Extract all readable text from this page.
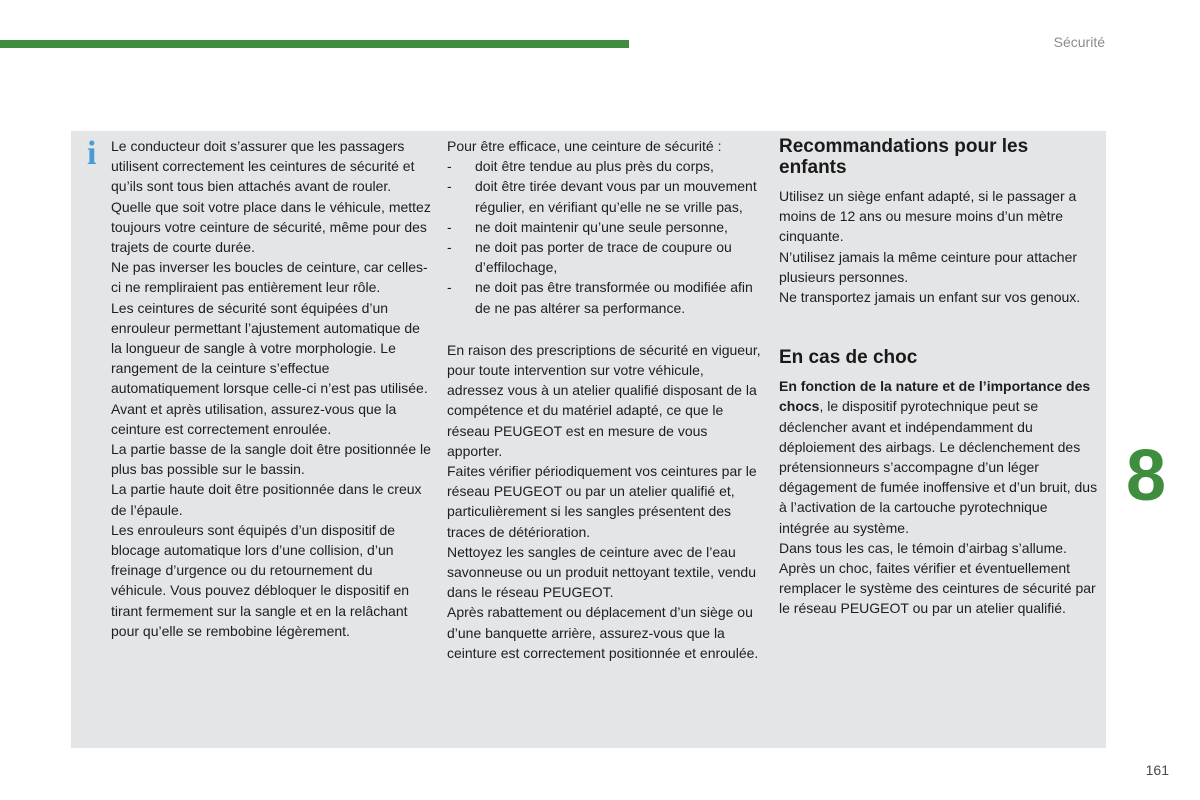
Sécurité
i Le conducteur doit s’assurer que les passagers utilisent correctement les ceintures de sécurité et qu’ils sont tous bien attachés avant de rouler.

Quelle que soit votre place dans le véhicule, mettez toujours votre ceinture de sécurité, même pour des trajets de courte durée.

Ne pas inverser les boucles de ceinture, car celles-ci ne rempliraient pas entièrement leur rôle.

Les ceintures de sécurité sont équipées d’un enrouleur permettant l’ajustement automatique de la longueur de sangle à votre morphologie. Le rangement de la ceinture s’effectue automatiquement lorsque celle-ci n’est pas utilisée.

Avant et après utilisation, assurez-vous que la ceinture est correctement enroulée.

La partie basse de la sangle doit être positionnée le plus bas possible sur le bassin.

La partie haute doit être positionnée dans le creux de l’épaule.

Les enrouleurs sont équipés d’un dispositif de blocage automatique lors d’une collision, d’un freinage d’urgence ou du retournement du véhicule. Vous pouvez débloquer le dispositif en tirant fermement sur la sangle et en la relâchant pour qu’elle se rembobine légèrement.

Pour être efficace, une ceinture de sécurité :

- doit être tendue au plus près du corps,
- doit être tirée devant vous par un mouvement régulier, en vérifiant qu’elle ne se vrille pas,
- ne doit maintenir qu’une seule personne,
- ne doit pas porter de trace de coupure ou d’effilochage,
- ne doit pas être transformée ou modifiée afin de ne pas altérer sa performance.

En raison des prescriptions de sécurité en vigueur, pour toute intervention sur votre véhicule, adressez vous à un atelier qualifié disposant de la compétence et du matériel adapté, ce que le réseau PEUGEOT est en mesure de vous apporter.

Faites vérifier périodiquement vos ceintures par le réseau PEUGEOT ou par un atelier qualifié et, particulièrement si les sangles présentent des traces de détérioration.

Nettoyez les sangles de ceinture avec de l’eau savonneuse ou un produit nettoyant textile, vendu dans le réseau PEUGEOT.

Après rabattement ou déplacement d’un siège ou d’une banquette arrière, assurez-vous que la ceinture est correctement positionnée et enroulée.

Recommandations pour les enfants

Utilisez un siège enfant adapté, si le passager a moins de 12 ans ou mesure moins d’un mètre cinquante.

N’utilisez jamais la même ceinture pour attacher plusieurs personnes.

Ne transportez jamais un enfant sur vos genoux.

En cas de choc

En fonction de la nature et de l’importance des chocs, le dispositif pyrotechnique peut se déclencher avant et indépendamment du déploiement des airbags. Le déclenchement des prétensionneurs s’accompagne d’un léger dégagement de fumée inoffensive et d’un bruit, dus à l’activation de la cartouche pyrotechnique intégrée au système.

Dans tous les cas, le témoin d’airbag s’allume.

Après un choc, faites vérifier et éventuellement remplacer le système des ceintures de sécurité par le réseau PEUGEOT ou par un atelier qualifié.

8
161
